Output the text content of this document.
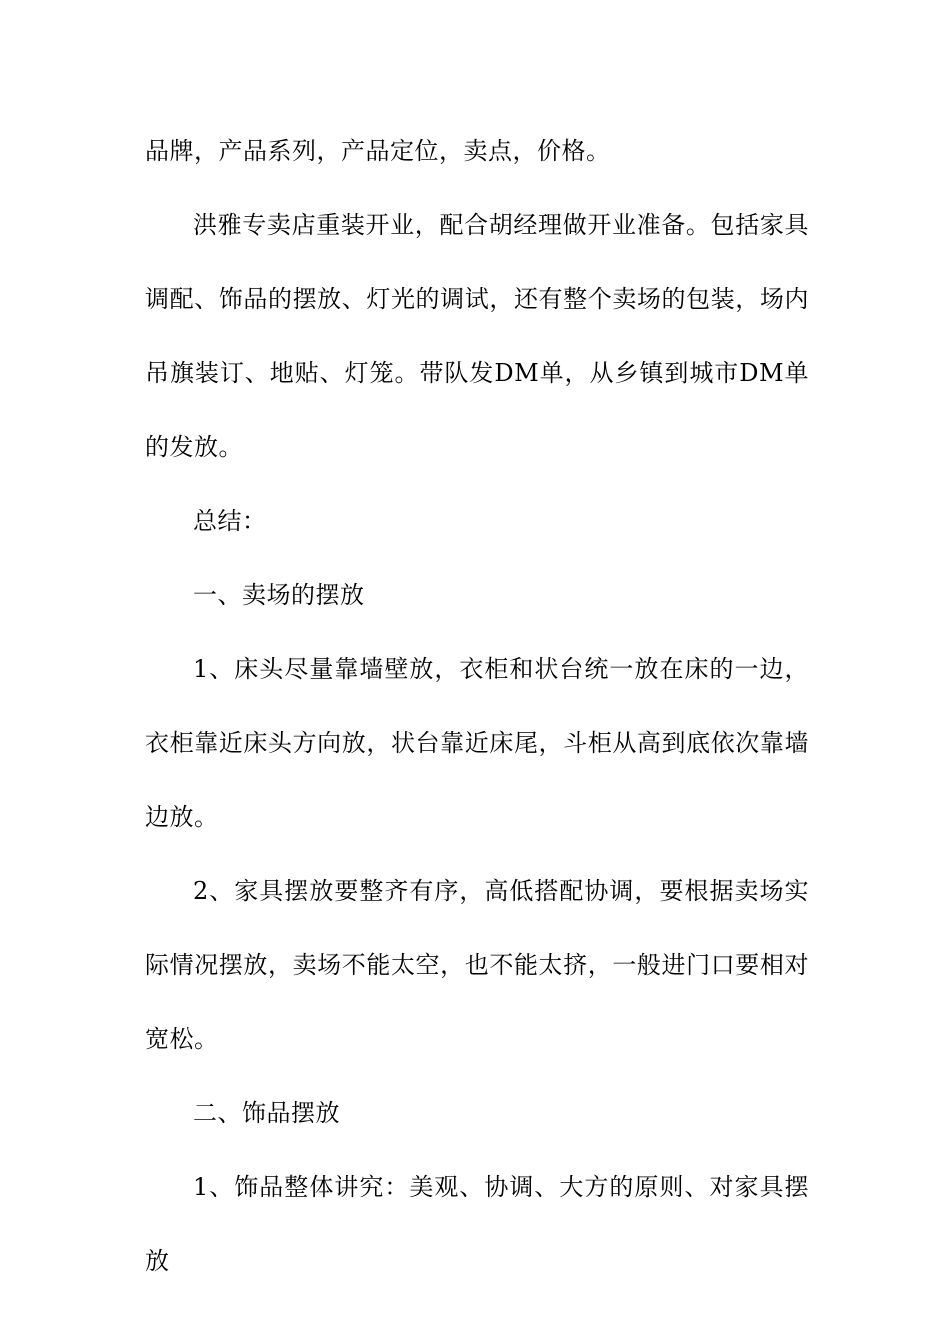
品牌，产品系列，产品定位，卖点，价格。

洪雅专卖店重装开业，配合胡经理做开业准备。包括家具调配、饰品的摆放、灯光的调试，还有整个卖场的包装，场内吊旗装订、地贴、灯笼。带队发DM单，从乡镇到城市DM单的发放。

总结：

一、卖场的摆放

1、床头尽量靠墙壁放，衣柜和状台统一放在床的一边，衣柜靠近床头方向放，状台靠近床尾，斗柜从高到底依次靠墙边放。

2、家具摆放要整齐有序，高低搭配协调，要根据卖场实际情况摆放，卖场不能太空，也不能太挤，一般进门口要相对宽松。

二、饰品摆放

1、饰品整体讲究：美观、协调、大方的原则、对家具摆放
